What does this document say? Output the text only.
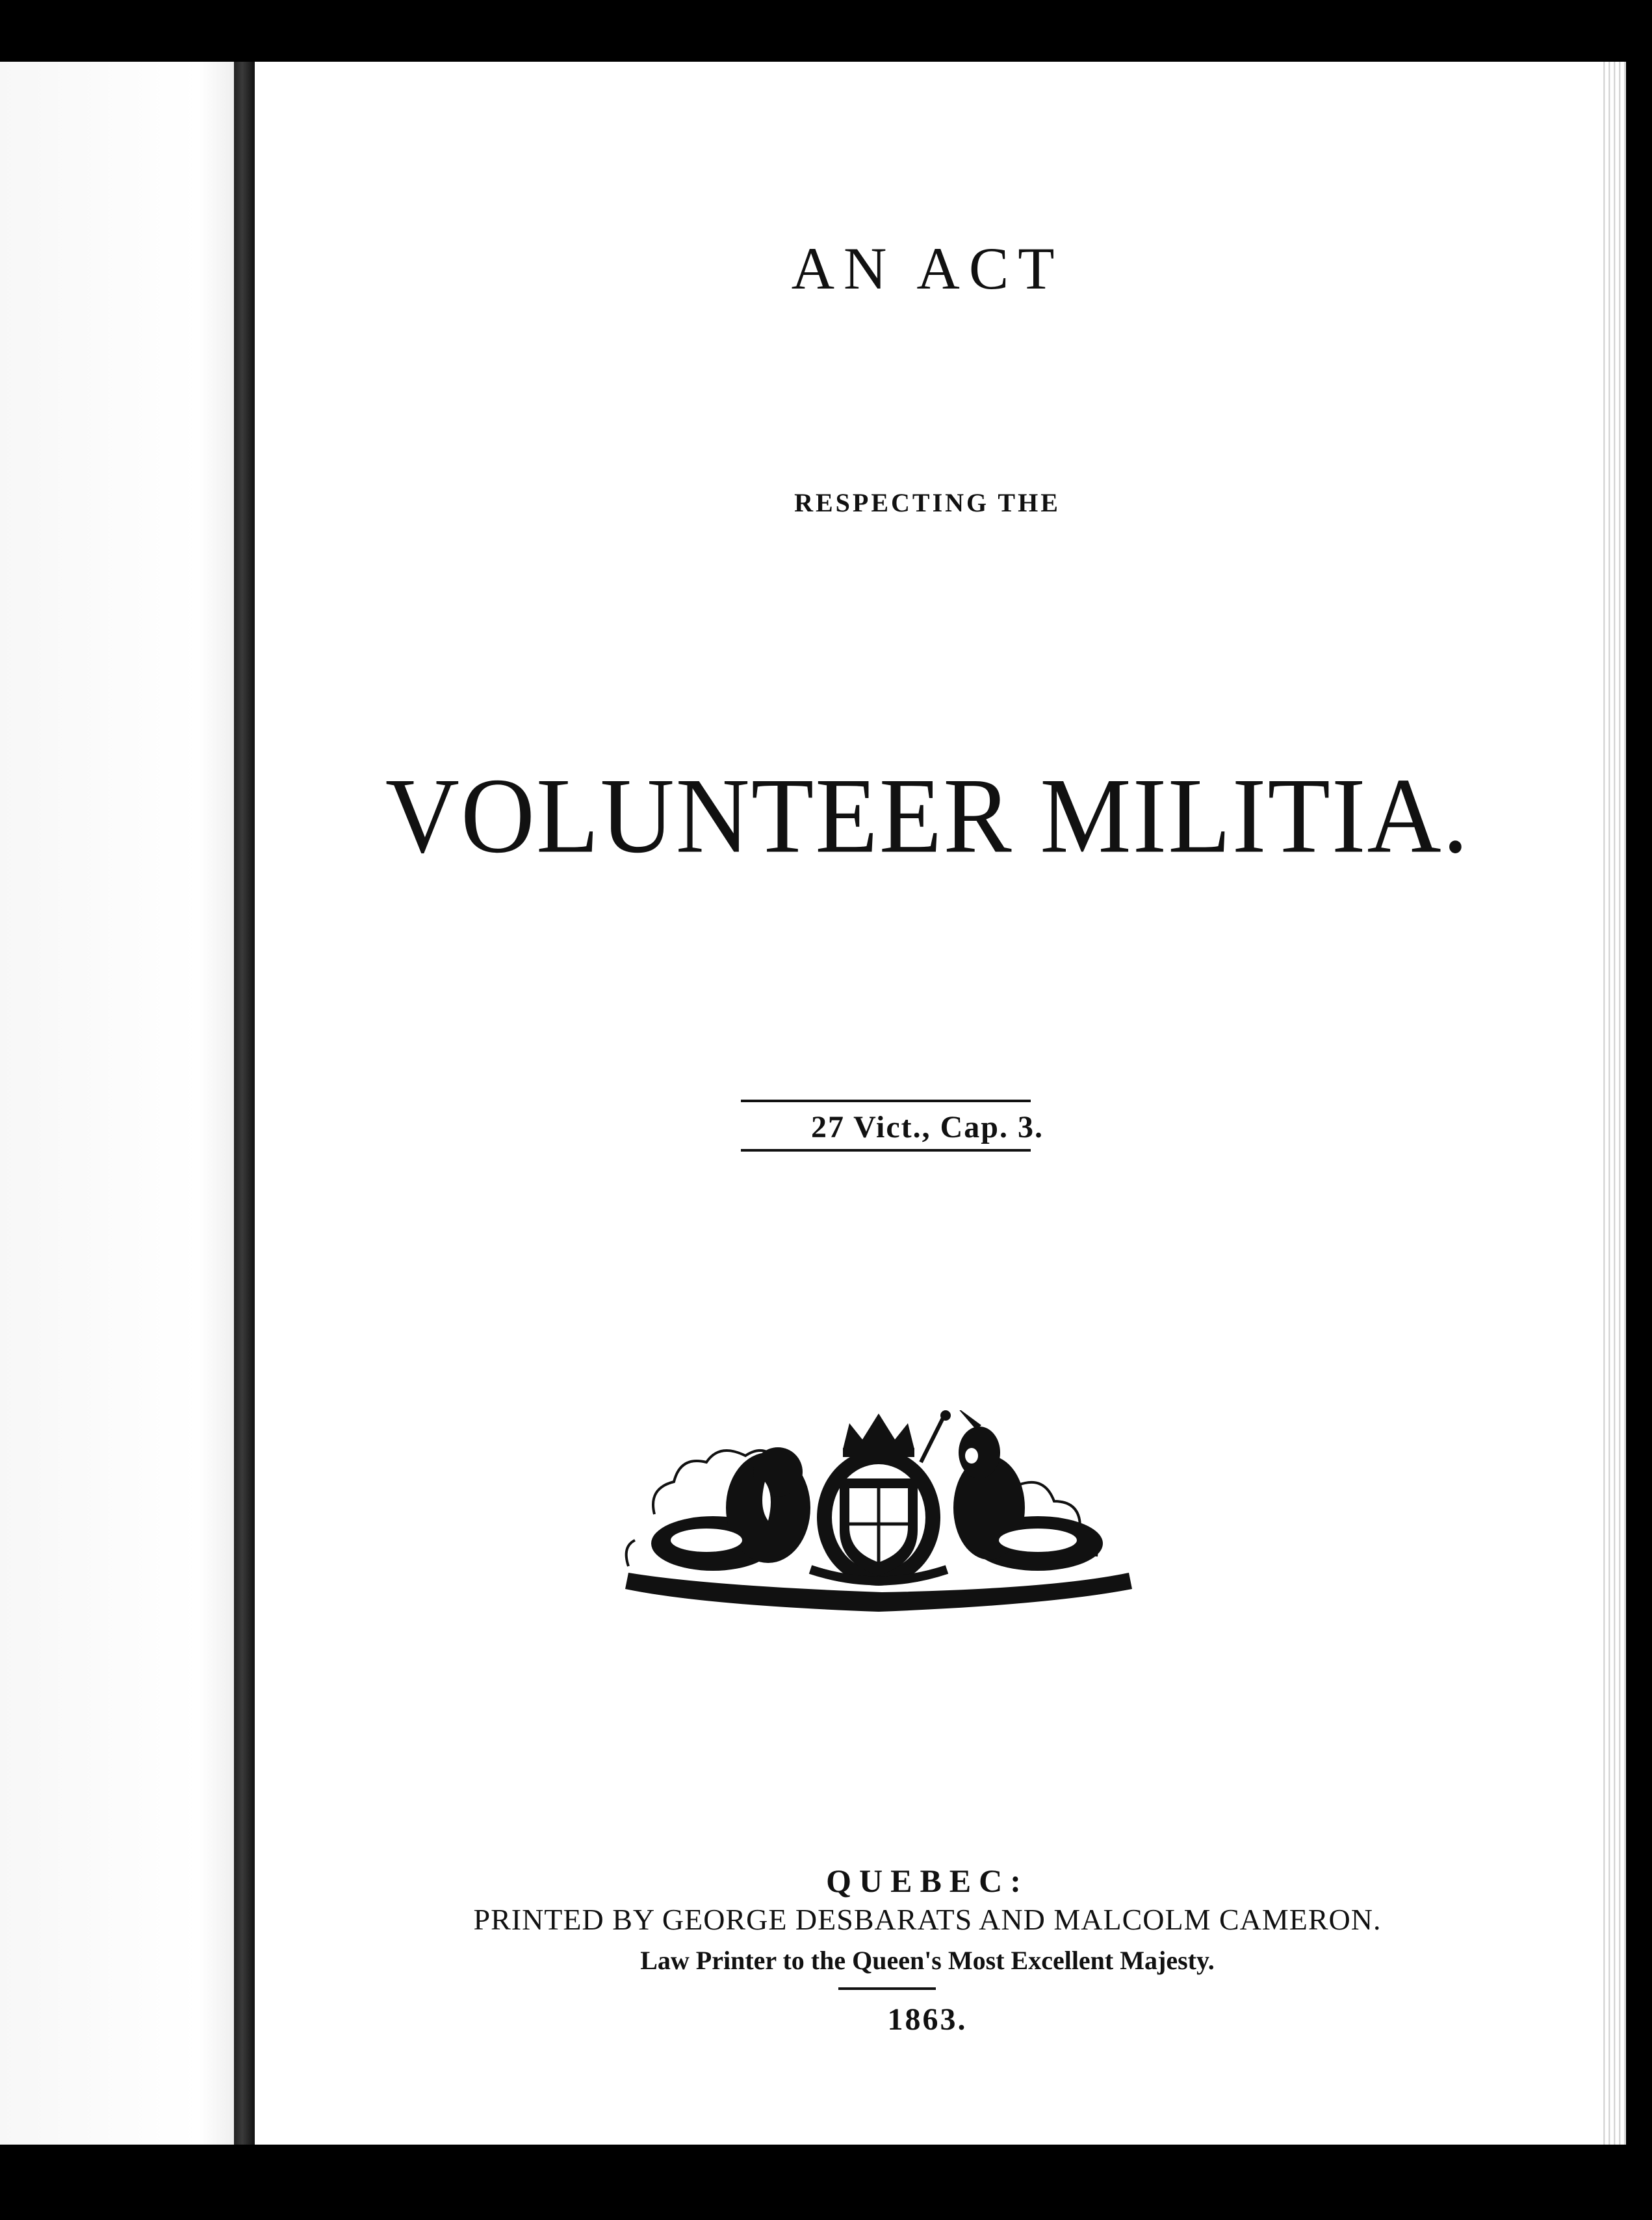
AN ACT
RESPECTING THE
VOLUNTEER MILITIA.
27 Vict., Cap. 3.
QUEBEC:
PRINTED BY GEORGE DESBARATS AND MALCOLM CAMERON.
Law Printer to the Queen's Most Excellent Majesty.
1863.
